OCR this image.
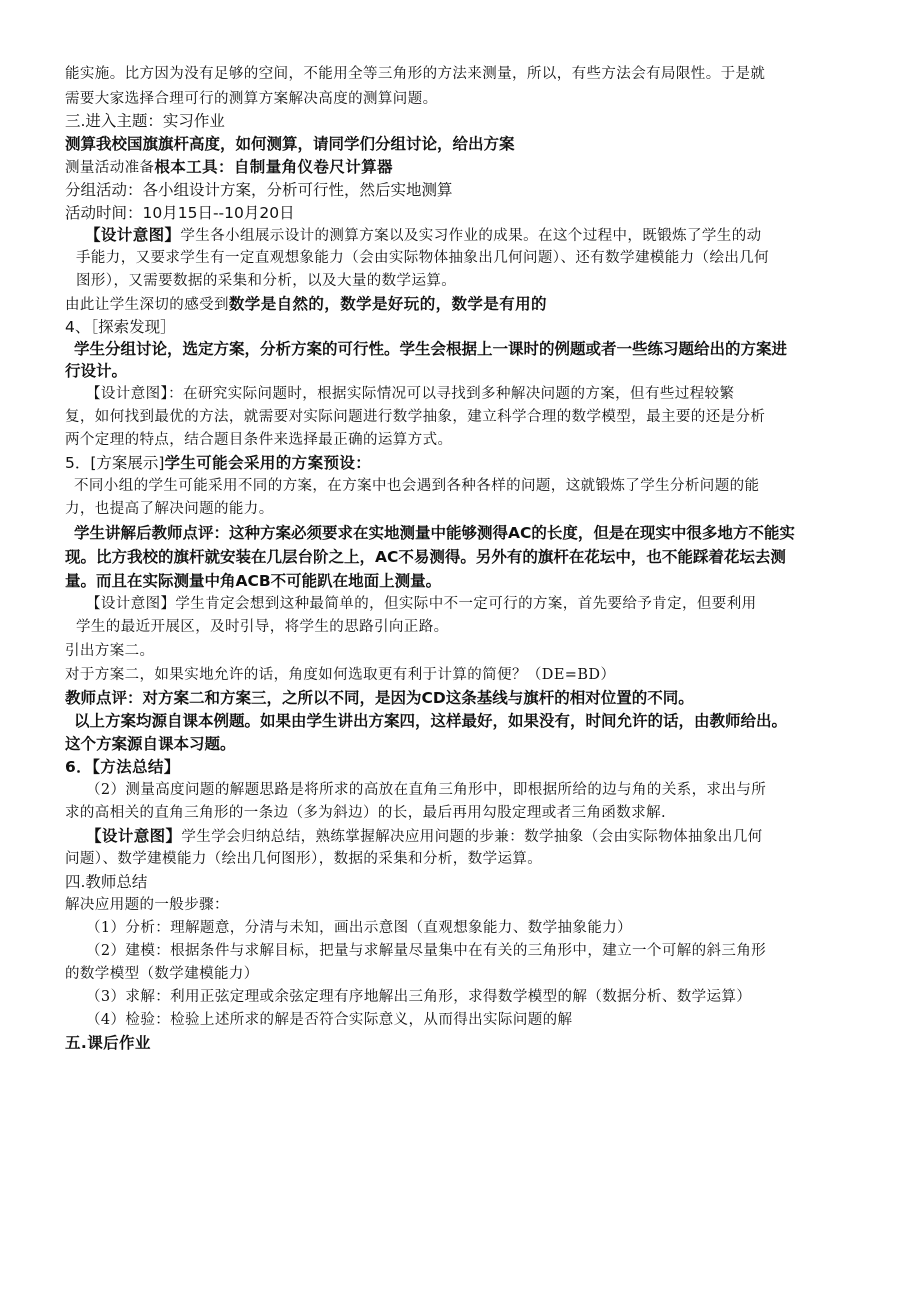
能实施。比方因为没有足够的空间，不能用全等三角形的方法来测量，所以，有些方法会有局限性。于是就

需要大家选择合理可行的测算方案解决高度的测算问题。

三.进入主题：实习作业

测算我校国旗旗杆高度，如何测算，请同学们分组讨论，给出方案

测量活动准备根本工具：自制量角仪卷尺计算器

分组活动：各小组设计方案，分析可行性，然后实地测算

活动时间：10月15日--10月20日

【设计意图】学生各小组展示设计的测算方案以及实习作业的成果。在这个过程中，既锻炼了学生的动

手能力，又要求学生有一定直观想象能力（会由实际物体抽象出几何问题）、还有数学建模能力（绘出几何

图形），又需要数据的采集和分析，以及大量的数学运算。

由此让学生深切的感受到数学是自然的，数学是好玩的，数学是有用的

4、［探索发现］

学生分组讨论，选定方案，分析方案的可行性。学生会根据上一课时的例题或者一些练习题给出的方案进

行设计。

【设计意图】：在研究实际问题时，根据实际情况可以寻找到多种解决问题的方案，但有些过程较繁

复，如何找到最优的方法，就需要对实际问题进行数学抽象，建立科学合理的数学模型，最主要的还是分析

两个定理的特点，结合题目条件来选择最正确的运算方式。

5．[方案展示]学生可能会采用的方案预设：

不同小组的学生可能采用不同的方案，在方案中也会遇到各种各样的问题，这就锻炼了学生分析问题的能

力，也提高了解决问题的能力。

学生讲解后教师点评：这种方案必须要求在实地测量中能够测得AC的长度，但是在现实中很多地方不能实

现。比方我校的旗杆就安装在几层台阶之上，AC不易测得。另外有的旗杆在花坛中，也不能踩着花坛去测

量。而且在实际测量中角ACB不可能趴在地面上测量。

【设计意图】学生肯定会想到这种最简单的，但实际中不一定可行的方案，首先要给予肯定，但要利用

学生的最近开展区，及时引导，将学生的思路引向正路。

引出方案二。

对于方案二，如果实地允许的话，角度如何选取更有利于计算的简便？（DE=BD）

教师点评：对方案二和方案三，之所以不同，是因为CD这条基线与旗杆的相对位置的不同。

以上方案均源自课本例题。如果由学生讲出方案四，这样最好，如果没有，时间允许的话，由教师给出。

这个方案源自课本习题。

6．【方法总结】

（2）测量高度问题的解题思路是将所求的高放在直角三角形中，即根据所给的边与角的关系，求出与所

求的高相关的直角三角形的一条边（多为斜边）的长，最后再用勾股定理或者三角函数求解.

【设计意图】学生学会归纳总结，熟练掌握解决应用问题的步兼：数学抽象（会由实际物体抽象出几何

问题）、数学建模能力（绘出几何图形），数据的采集和分析，数学运算。

四.教师总结

解决应用题的一般步骤：

（1）分析：理解题意，分清与未知，画出示意图（直观想象能力、数学抽象能力）

（2）建模：根据条件与求解目标，把量与求解量尽量集中在有关的三角形中，建立一个可解的斜三角形

的数学模型（数学建模能力）

（3）求解：利用正弦定理或余弦定理有序地解出三角形，求得数学模型的解（数据分析、数学运算）

（4）检验：检验上述所求的解是否符合实际意义，从而得出实际问题的解

五.课后作业
